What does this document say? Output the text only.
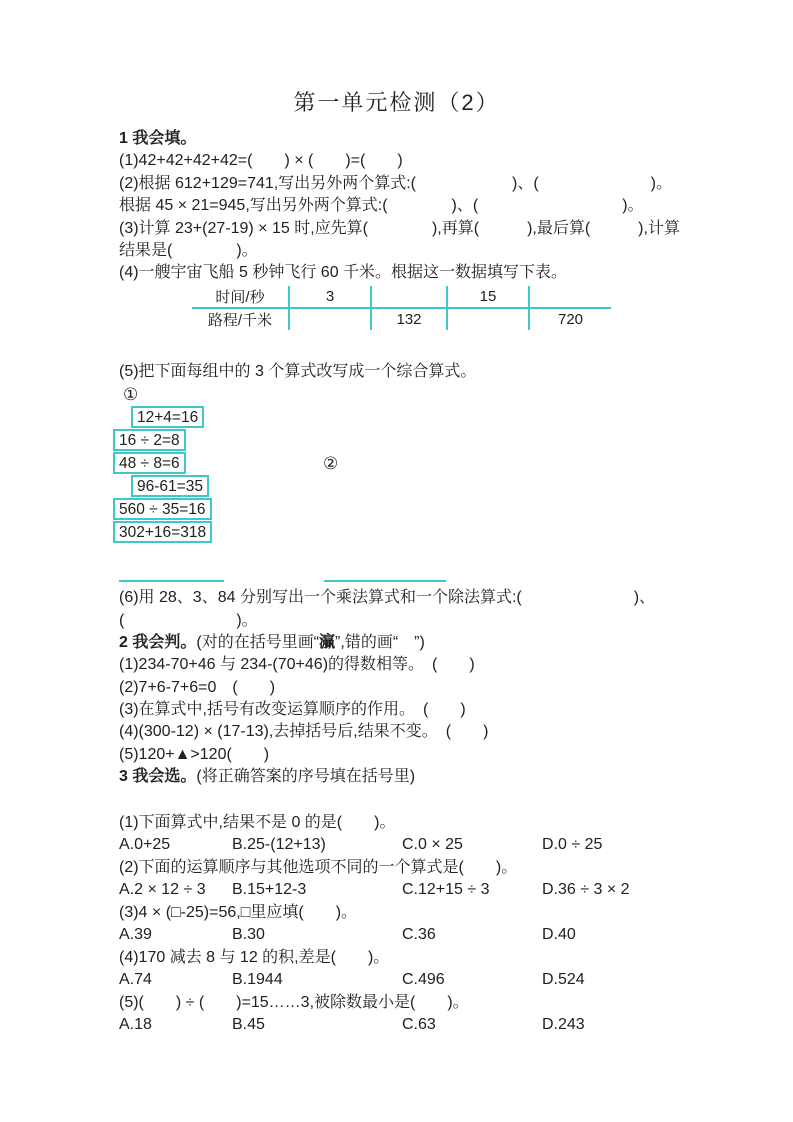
第一单元检测（2）
1 我会填。
(1)42+42+42+42=(　　) × (　　)=(　　)
(2)根据 612+129=741,写出另外两个算式:(　　　　　　)、(　　　　　　　)。
根据 45 × 21=945,写出另外两个算式:(　　　　)、(　　　　　　　　　)。
(3)计算 23+(27-19) × 15 时,应先算(　　　　),再算(　　　),最后算(　　　),计算
结果是(　　　　)。
(4)一艘宇宙飞船 5 秒钟飞行 60 千米。根据这一数据填写下表。
时间/秒	3		15	
路程/千米		132		720
(5)把下面每组中的 3 个算式改写成一个综合算式。
①
12+4=16
16 ÷ 2=8
48 ÷ 8=6
96-61=35
560 ÷ 35=16
302+16=318
②
(6)用 28、3、84 分别写出一个乘法算式和一个除法算式:(　　　　　　　)、
(　　　　　　　)。
2 我会判。(对的在括号里画“灜”,错的画“　”)
(1)234-70+46 与 234-(70+46)的得数相等。　(　　)
(2)7+6-7+6=0　(　　)
(3)在算式中,括号有改变运算顺序的作用。　(　　)
(4)(300-12) × (17-13),去掉括号后,结果不变。　(　　)
(5)120+▲>120(　　)
3 我会选。(将正确答案的序号填在括号里)
(1)下面算式中,结果不是 0 的是(　　)。
A.0+25	B.25-(12+13)	C.0 × 25	D.0 ÷ 25
(2)下面的运算顺序与其他选项不同的一个算式是(　　)。
A.2 × 12 ÷ 3 B.15+12-3	C.12+15 ÷ 3	D.36 ÷ 3 × 2
(3)4 × (□-25)=56,□里应填(　　)。
A.39	B.30	C.36	D.40
(4)170 减去 8 与 12 的积,差是(　　)。
A.74	B.1944	C.496	D.524
(5)(　　) ÷ (　　)=15……3,被除数最小是(　　)。
A.18	B.45	C.63	D.243
